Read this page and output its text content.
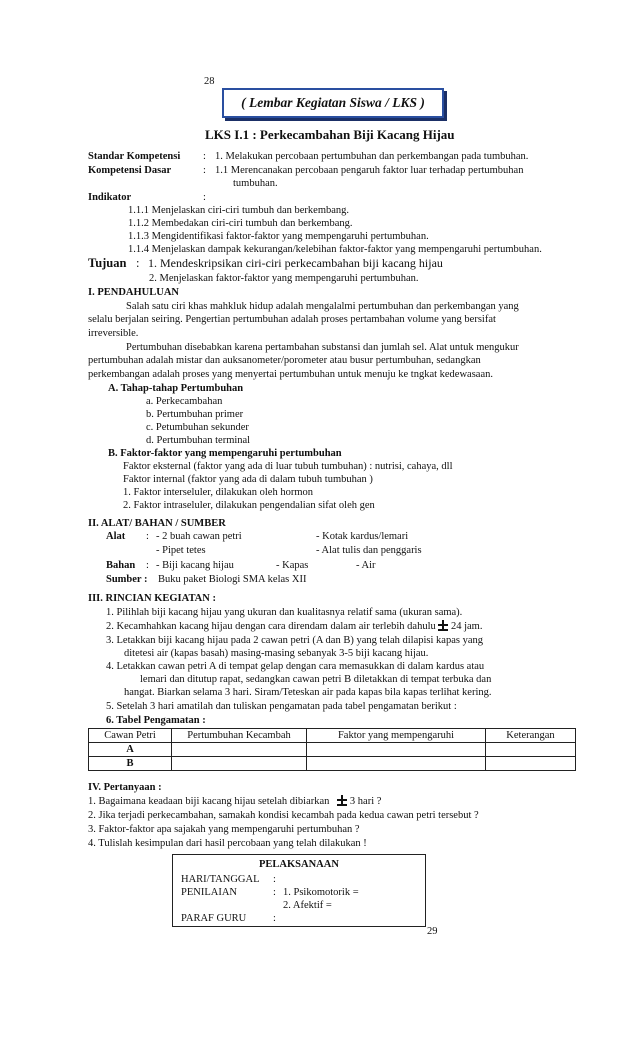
28
( Lembar Kegiatan Siswa / LKS )
LKS I.1 : Perkecambahan Biji Kacang Hijau
Standar Kompetensi : 1. Melakukan percobaan pertumbuhan dan perkembangan pada tumbuhan.
Kompetensi Dasar	: 1.1 Merencanakan percobaan pengaruh faktor luar terhadap pertumbuhan
tumbuhan.
Indikator	:
1.1.1 Menjelaskan ciri-ciri tumbuh dan berkembang.
1.1.2 Membedakan ciri-ciri tumbuh dan berkembang.
1.1.3 Mengidentifikasi faktor-faktor yang mempengaruhi pertumbuhan.
1.1.4 Menjelaskan dampak kekurangan/kelebihan faktor-faktor yang mempengaruhi pertumbuhan.
Tujuan : 1. Mendeskripsikan ciri-ciri perkecambahan biji kacang hijau
2. Menjelaskan faktor-faktor yang mempengaruhi pertumbuhan.
I. PENDAHULUAN
Salah satu ciri khas mahkluk hidup adalah mengalalmi pertumbuhan dan perkembangan yang
selalu berjalan seiring. Pengertian pertumbuhan adalah proses pertambahan volume yang bersifat
irreversible.
Pertumbuhan disebabkan karena pertambahan substansi dan jumlah sel. Alat untuk mengukur
pertumbuhan adalah mistar dan auksanometer/porometer atau busur pertumbuhan, sedangkan
perkembangan adalah proses yang menyertai pertumbuhan untuk menuju ke tngkat kedewasaan.
A. Tahap-tahap Pertumbuhan
a. Perkecambahan
b. Pertumbuhan primer
c. Petumbuhan sekunder
d. Pertumbuhan terminal
B. Faktor-faktor yang mempengaruhi pertumbuhan
Faktor eksternal (faktor yang ada di luar tubuh tumbuhan) : nutrisi, cahaya, dll
Faktor internal (faktor yang ada di dalam tubuh tumbuhan )
1. Faktor interseluler, dilakukan oleh hormon
2. Faktor intraseluler, dilakukan pengendalian sifat oleh gen
II. ALAT/ BAHAN / SUMBER
Alat : - 2 buah cawan petri	- Kotak kardus/lemari
- Pipet tetes	- Alat tulis dan penggaris
Bahan : - Biji kacang hijau	- Kapas	- Air
Sumber : Buku paket Biologi SMA kelas XII
III. RINCIAN KEGIATAN :
1. Pilihlah biji kacang hijau yang ukuran dan kualitasnya relatif sama (ukuran sama).
2. Kecamhahkan kacang hijau dengan cara direndam dalam air terlebih dahulu 24 jam.
3. Letakkan biji kacang hijau pada 2 cawan petri (A dan B) yang telah dilapisi kapas yang
ditetesi air (kapas basah) masing-masing sebanyak 3-5 biji kacang hijau.
4. Letakkan cawan petri A di tempat gelap dengan cara memasukkan di dalam kardus atau
lemari dan ditutup rapat, sedangkan cawan petri B diletakkan di tempat terbuka dan
hangat. Biarkan selama 3 hari. Siram/Teteskan air pada kapas bila kapas terlihat kering.
5. Setelah 3 hari amatilah dan tuliskan pengamatan pada tabel pengamatan berikut :
6. Tabel Pengamatan :
Cawan Petri	Pertumbuhan Kecambah	Faktor yang mempengaruhi	Keterangan
A			
B			
IV. Pertanyaan :
1. Bagaimana keadaan biji kacang hijau setelah dibiarkan 3 hari ?
2. Jika terjadi perkecambahan, samakah kondisi kecambah pada kedua cawan petri tersebut ?
3. Faktor-faktor apa sajakah yang mempengaruhi pertumbuhan ?
4. Tulislah kesimpulan dari hasil percobaan yang telah dilakukan !
PELAKSANAAN
HARI/TANGGAL :
PENILAIAN	: 1. Psikomotorik =
2. Afektif =
PARAF GURU	:
29
